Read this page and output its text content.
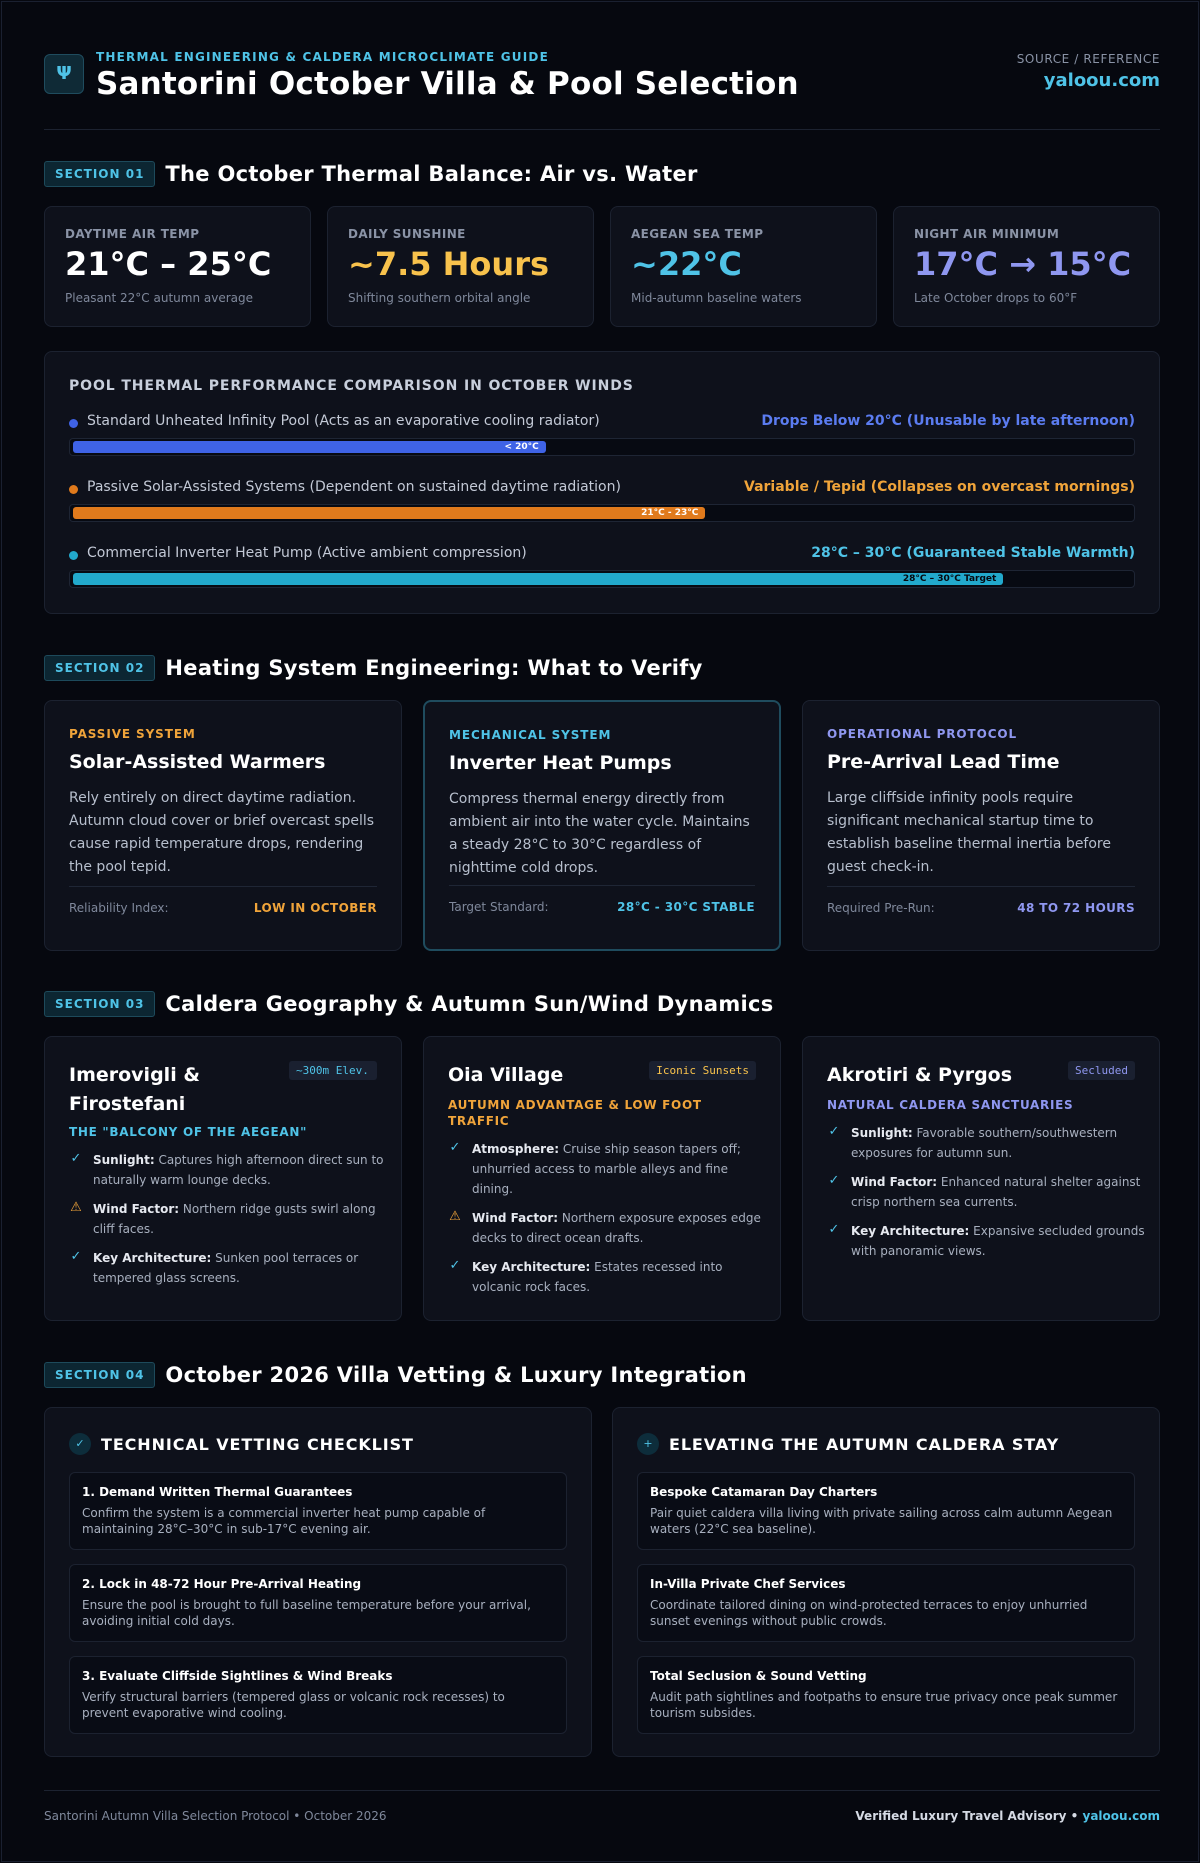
Ψ
THERMAL ENGINEERING & CALDERA MICROCLIMATE GUIDE
Santorini October Villa & Pool Selection
SOURCE / REFERENCE
yaloou.com
SECTION 01	The October Thermal Balance: Air vs. Water
DAYTIME AIR TEMP
21°C – 25°C
Pleasant 22°C autumn average
DAILY SUNSHINE
~7.5 Hours
Shifting southern orbital angle
AEGEAN SEA TEMP
~22°C
Mid-autumn baseline waters
NIGHT AIR MINIMUM
17°C → 15°C
Late October drops to 60°F
POOL THERMAL PERFORMANCE COMPARISON IN OCTOBER WINDS
Standard Unheated Infinity Pool (Acts as an evaporative cooling radiator)	Drops Below 20°C (Unusable by late afternoon)
< 20°C
Passive Solar-Assisted Systems (Dependent on sustained daytime radiation)	Variable / Tepid (Collapses on overcast mornings)
21°C - 23°C
Commercial Inverter Heat Pump (Active ambient compression)	28°C – 30°C (Guaranteed Stable Warmth)
28°C – 30°C Target
SECTION 02	Heating System Engineering: What to Verify
PASSIVE SYSTEM
Solar-Assisted Warmers
Rely entirely on direct daytime radiation. Autumn cloud cover or brief overcast spells cause rapid temperature drops, rendering the pool tepid.
Reliability Index:	LOW IN OCTOBER
MECHANICAL SYSTEM
Inverter Heat Pumps
Compress thermal energy directly from ambient air into the water cycle. Maintains a steady 28°C to 30°C regardless of nighttime cold drops.
Target Standard:	28°C - 30°C STABLE
OPERATIONAL PROTOCOL
Pre-Arrival Lead Time
Large cliffside infinity pools require significant mechanical startup time to establish baseline thermal inertia before guest check-in.
Required Pre-Run:	48 TO 72 HOURS
SECTION 03	Caldera Geography & Autumn Sun/Wind Dynamics
Imerovigli & Firostefani
~300m Elev.
THE "BALCONY OF THE AEGEAN"
✓ Sunlight: Captures high afternoon direct sun to naturally warm lounge decks.
⚠ Wind Factor: Northern ridge gusts swirl along cliff faces.
✓ Key Architecture: Sunken pool terraces or tempered glass screens.
Oia Village	Iconic Sunsets
AUTUMN ADVANTAGE & LOW FOOT TRAFFIC
✓ Atmosphere: Cruise ship season tapers off; unhurried access to marble alleys and fine dining.
⚠ Wind Factor: Northern exposure exposes edge decks to direct ocean drafts.
✓ Key Architecture: Estates recessed into volcanic rock faces.
Akrotiri & Pyrgos	Secluded
NATURAL CALDERA SANCTUARIES
✓ Sunlight: Favorable southern/southwestern exposures for autumn sun.
✓ Wind Factor: Enhanced natural shelter against crisp northern sea currents.
✓ Key Architecture: Expansive secluded grounds with panoramic views.
SECTION 04	October 2026 Villa Vetting & Luxury Integration
✓	TECHNICAL VETTING CHECKLIST
1. Demand Written Thermal Guarantees
Confirm the system is a commercial inverter heat pump capable of maintaining 28°C–30°C in sub-17°C evening air.
2. Lock in 48-72 Hour Pre-Arrival Heating
Ensure the pool is brought to full baseline temperature before your arrival, avoiding initial cold days.
3. Evaluate Cliffside Sightlines & Wind Breaks
Verify structural barriers (tempered glass or volcanic rock recesses) to prevent evaporative wind cooling.
+	ELEVATING THE AUTUMN CALDERA STAY
Bespoke Catamaran Day Charters
Pair quiet caldera villa living with private sailing across calm autumn Aegean waters (22°C sea baseline).
In-Villa Private Chef Services
Coordinate tailored dining on wind-protected terraces to enjoy unhurried sunset evenings without public crowds.
Total Seclusion & Sound Vetting
Audit path sightlines and footpaths to ensure true privacy once peak summer tourism subsides.
Santorini Autumn Villa Selection Protocol • October 2026	Verified Luxury Travel Advisory • yaloou.com
